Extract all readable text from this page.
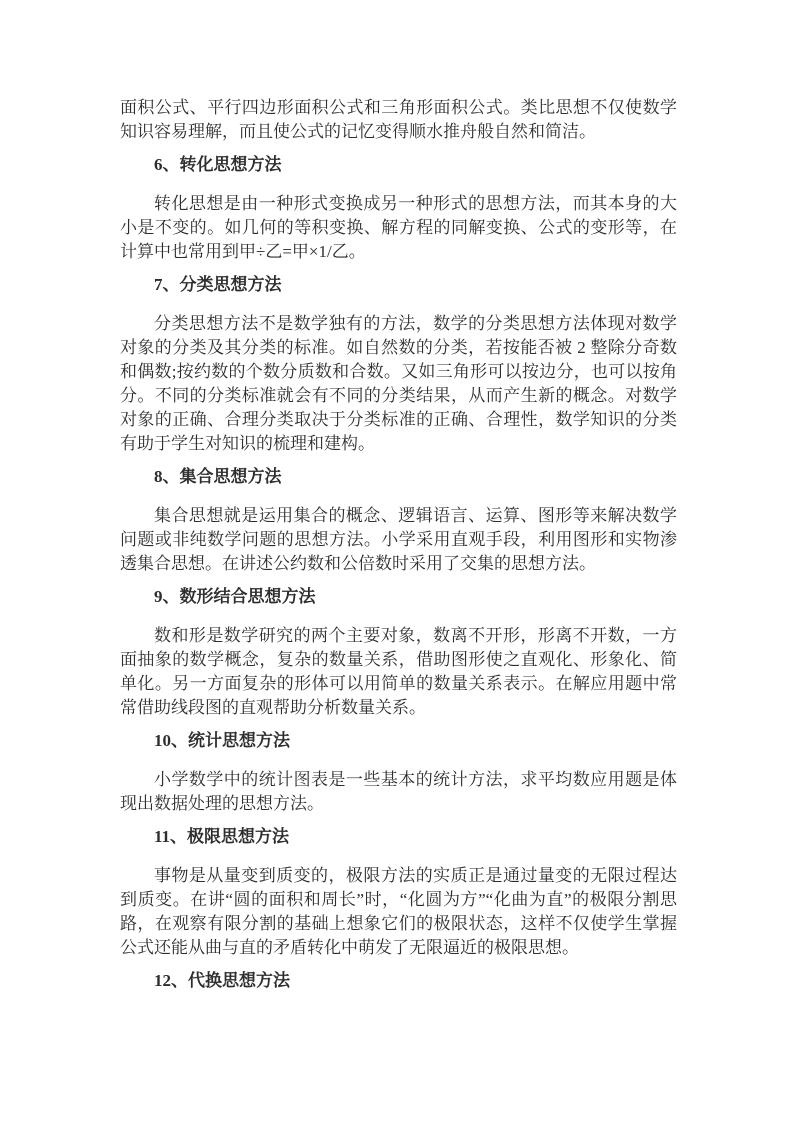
面积公式、平行四边形面积公式和三角形面积公式。类比思想不仅使数学知识容易理解，而且使公式的记忆变得顺水推舟般自然和简洁。

6、转化思想方法

转化思想是由一种形式变换成另一种形式的思想方法，而其本身的大小是不变的。如几何的等积变换、解方程的同解变换、公式的变形等，在计算中也常用到甲÷乙=甲×1/乙。

7、分类思想方法

分类思想方法不是数学独有的方法，数学的分类思想方法体现对数学对象的分类及其分类的标准。如自然数的分类，若按能否被 2 整除分奇数和偶数;按约数的个数分质数和合数。又如三角形可以按边分，也可以按角分。不同的分类标准就会有不同的分类结果，从而产生新的概念。对数学对象的正确、合理分类取决于分类标准的正确、合理性，数学知识的分类有助于学生对知识的梳理和建构。

8、集合思想方法

集合思想就是运用集合的概念、逻辑语言、运算、图形等来解决数学问题或非纯数学问题的思想方法。小学采用直观手段，利用图形和实物渗透集合思想。在讲述公约数和公倍数时采用了交集的思想方法。

9、数形结合思想方法

数和形是数学研究的两个主要对象，数离不开形，形离不开数，一方面抽象的数学概念，复杂的数量关系，借助图形使之直观化、形象化、简单化。另一方面复杂的形体可以用简单的数量关系表示。在解应用题中常常借助线段图的直观帮助分析数量关系。

10、统计思想方法

小学数学中的统计图表是一些基本的统计方法，求平均数应用题是体现出数据处理的思想方法。

11、极限思想方法

事物是从量变到质变的，极限方法的实质正是通过量变的无限过程达到质变。在讲“圆的面积和周长”时，“化圆为方”“化曲为直”的极限分割思路，在观察有限分割的基础上想象它们的极限状态，这样不仅使学生掌握公式还能从曲与直的矛盾转化中萌发了无限逼近的极限思想。

12、代换思想方法
